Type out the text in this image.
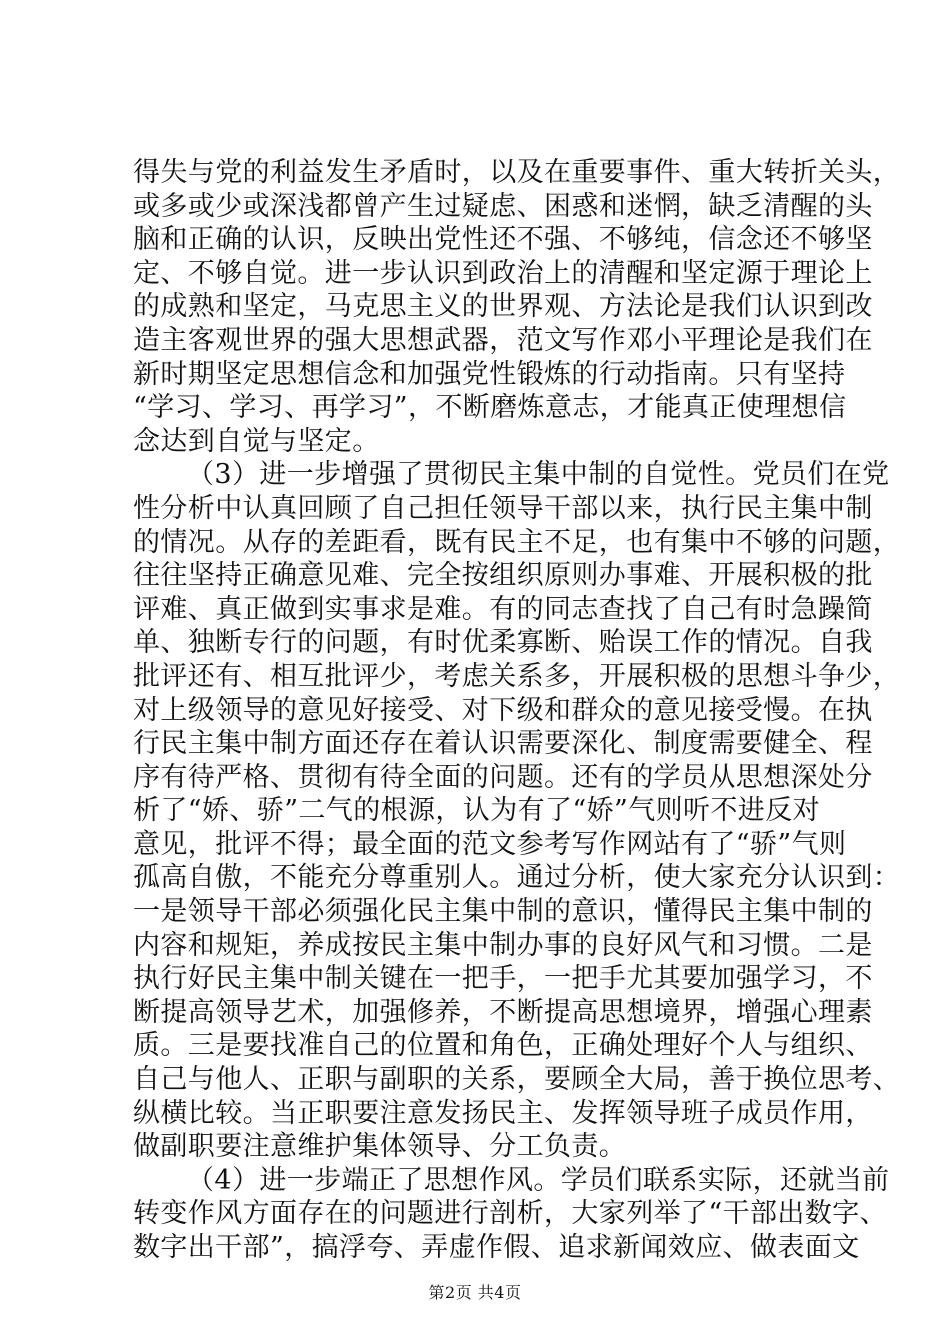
得失与党的利益发生矛盾时，以及在重要事件、重大转折关头，
或多或少或深浅都曾产生过疑虑、困惑和迷惘，缺乏清醒的头
脑和正确的认识，反映出党性还不强、不够纯，信念还不够坚
定、不够自觉。进一步认识到政治上的清醒和坚定源于理论上
的成熟和坚定，马克思主义的世界观、方法论是我们认识到改
造主客观世界的强大思想武器，范文写作邓小平理论是我们在
新时期坚定思想信念和加强党性锻炼的行动指南。只有坚持
“学习、学习、再学习”，不断磨炼意志，才能真正使理想信
念达到自觉与坚定。
（3）进一步增强了贯彻民主集中制的自觉性。党员们在党
性分析中认真回顾了自己担任领导干部以来，执行民主集中制
的情况。从存的差距看，既有民主不足，也有集中不够的问题，
往往坚持正确意见难、完全按组织原则办事难、开展积极的批
评难、真正做到实事求是难。有的同志查找了自己有时急躁简
单、独断专行的问题，有时优柔寡断、贻误工作的情况。自我
批评还有、相互批评少，考虑关系多，开展积极的思想斗争少，
对上级领导的意见好接受、对下级和群众的意见接受慢。在执
行民主集中制方面还存在着认识需要深化、制度需要健全、程
序有待严格、贯彻有待全面的问题。还有的学员从思想深处分
析了“娇、骄”二气的根源，认为有了“娇”气则听不进反对
意见，批评不得；最全面的范文参考写作网站有了“骄”气则
孤高自傲，不能充分尊重别人。通过分析，使大家充分认识到：
一是领导干部必须强化民主集中制的意识，懂得民主集中制的
内容和规矩，养成按民主集中制办事的良好风气和习惯。二是
执行好民主集中制关键在一把手，一把手尤其要加强学习，不
断提高领导艺术，加强修养，不断提高思想境界，增强心理素
质。三是要找准自己的位置和角色，正确处理好个人与组织、
自己与他人、正职与副职的关系，要顾全大局，善于换位思考、
纵横比较。当正职要注意发扬民主、发挥领导班子成员作用，
做副职要注意维护集体领导、分工负责。
（4）进一步端正了思想作风。学员们联系实际，还就当前
转变作风方面存在的问题进行剖析，大家列举了“干部出数字、
数字出干部”，搞浮夸、弄虚作假、追求新闻效应、做表面文
第2页 共4页
